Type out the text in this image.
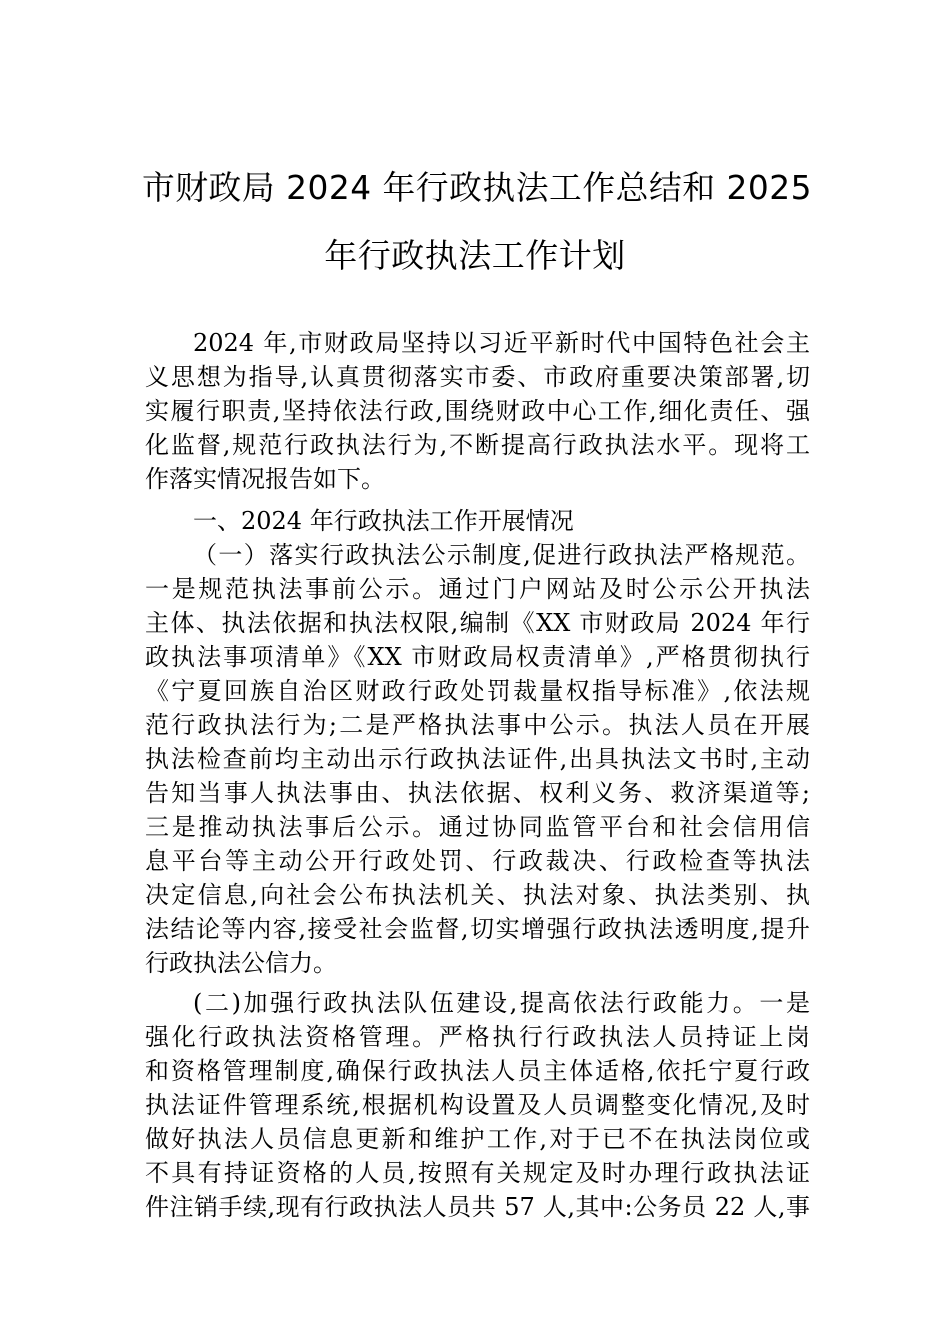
市财政局 2024 年行政执法工作总结和 2025
年行政执法工作计划
2024 年,市财政局坚持以习近平新时代中国特色社会主
义思想为指导,认真贯彻落实市委、市政府重要决策部署,切
实履行职责,坚持依法行政,围绕财政中心工作,细化责任、强
化监督,规范行政执法行为,不断提高行政执法水平。现将工
作落实情况报告如下。
一、2024 年行政执法工作开展情况
（一）落实行政执法公示制度,促进行政执法严格规范。
一是规范执法事前公示。通过门户网站及时公示公开执法
主体、执法依据和执法权限,编制《XX 市财政局 2024 年行
政执法事项清单》《XX 市财政局权责清单》,严格贯彻执行
《宁夏回族自治区财政行政处罚裁量权指导标准》,依法规
范行政执法行为;二是严格执法事中公示。执法人员在开展
执法检查前均主动出示行政执法证件,出具执法文书时,主动
告知当事人执法事由、执法依据、权利义务、救济渠道等;
三是推动执法事后公示。通过协同监管平台和社会信用信
息平台等主动公开行政处罚、行政裁决、行政检查等执法
决定信息,向社会公布执法机关、执法对象、执法类别、执
法结论等内容,接受社会监督,切实增强行政执法透明度,提升
行政执法公信力。
(二)加强行政执法队伍建设,提高依法行政能力。一是
强化行政执法资格管理。严格执行行政执法人员持证上岗
和资格管理制度,确保行政执法人员主体适格,依托宁夏行政
执法证件管理系统,根据机构设置及人员调整变化情况,及时
做好执法人员信息更新和维护工作,对于已不在执法岗位或
不具有持证资格的人员,按照有关规定及时办理行政执法证
件注销手续,现有行政执法人员共 57 人,其中:公务员 22 人,事
